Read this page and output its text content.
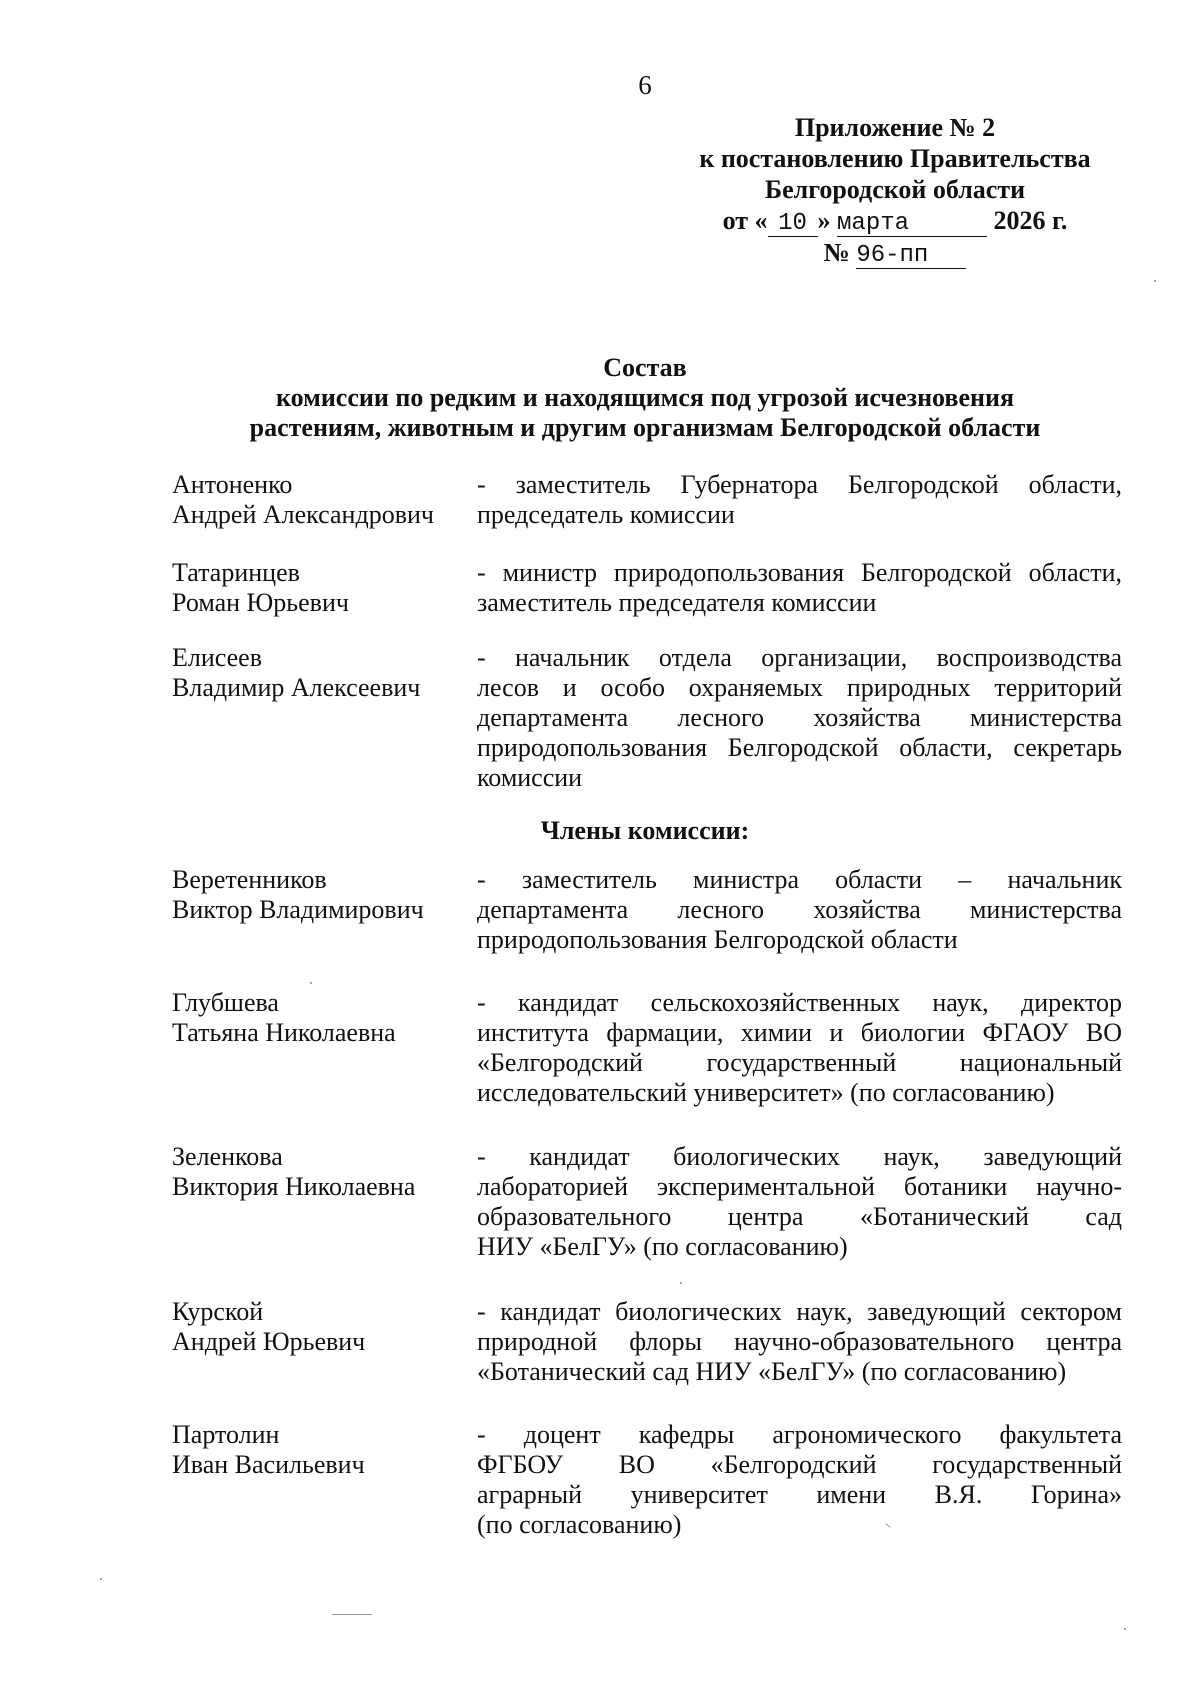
6
Приложение № 2
к постановлению Правительства
Белгородской области
от « 10 » марта	2026 г.
№ 96-пп
Состав
комиссии по редким и находящимся под угрозой исчезновения
растениям, животным и другим организмам Белгородской области
Антоненко
Андрей Александрович
- заместитель Губернатора Белгородской области,
председатель комиссии
Татаринцев
Роман Юрьевич
- министр природопользования Белгородской области,
заместитель председателя комиссии
Елисеев
Владимир Алексеевич
- начальник отдела организации, воспроизводства
лесов и особо охраняемых природных территорий
департамента лесного хозяйства министерства
природопользования Белгородской области, секретарь
комиссии
Члены комиссии:
Веретенников
Виктор Владимирович
- заместитель министра области – начальник
департамента лесного хозяйства министерства
природопользования Белгородской области
Глубшева
Татьяна Николаевна
- кандидат сельскохозяйственных наук, директор
института фармации, химии и биологии ФГАОУ ВО
«Белгородский государственный национальный
исследовательский университет» (по согласованию)
Зеленкова
Виктория Николаевна
- кандидат биологических наук, заведующий
лабораторией экспериментальной ботаники научно-
образовательного центра «Ботанический сад
НИУ «БелГУ» (по согласованию)
Курской
Андрей Юрьевич
- кандидат биологических наук, заведующий сектором
природной флоры научно-образовательного центра
«Ботанический сад НИУ «БелГУ» (по согласованию)
Партолин
Иван Васильевич
- доцент кафедры агрономического факультета
ФГБОУ ВО «Белгородский государственный
аграрный университет имени В.Я. Горина»
(по согласованию)
